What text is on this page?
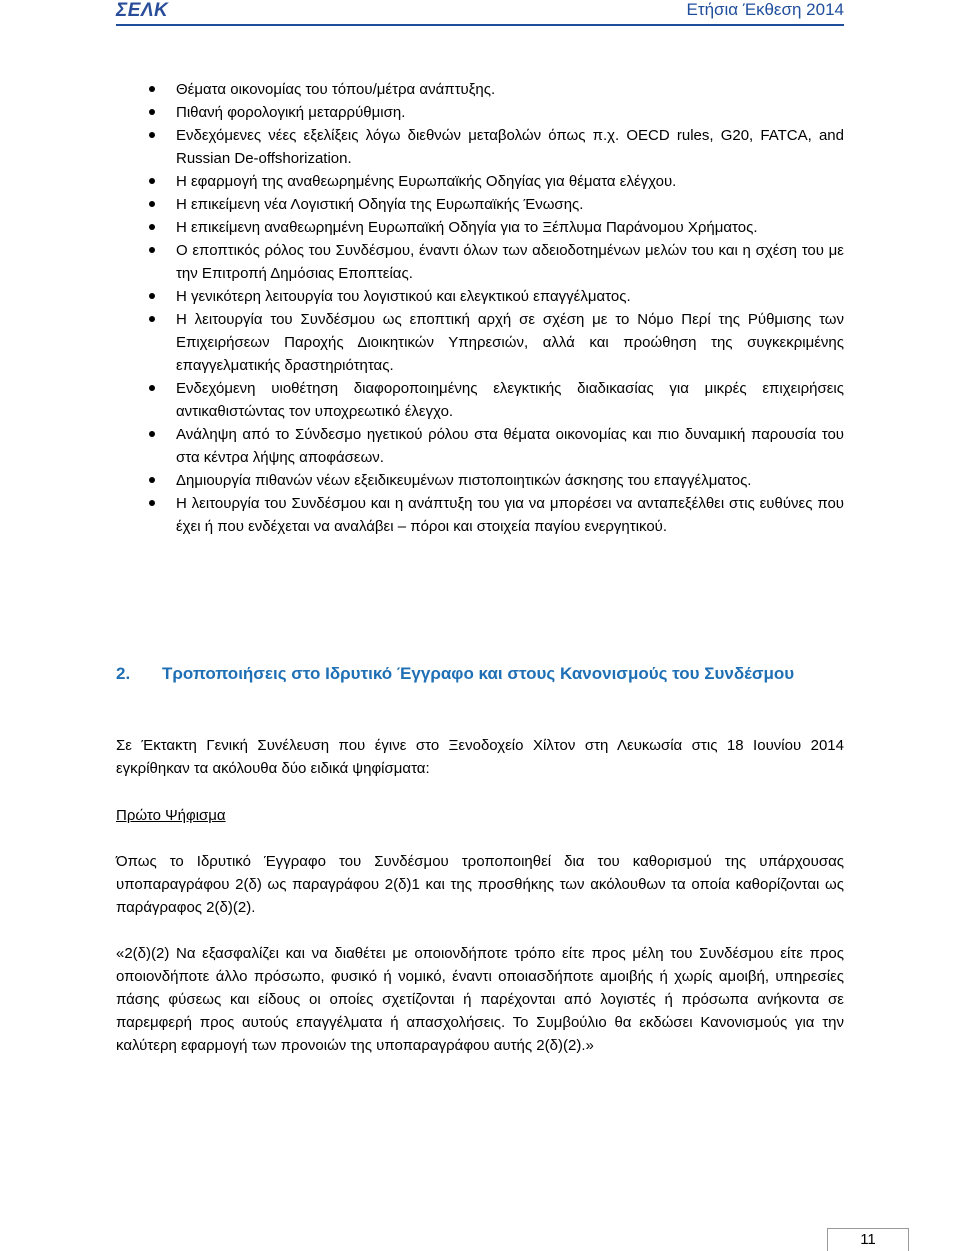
ΣΕΛΚ	Ετήσια Έκθεση 2014
Θέματα οικονομίας του τόπου/μέτρα ανάπτυξης.
Πιθανή φορολογική μεταρρύθμιση.
Ενδεχόμενες νέες εξελίξεις λόγω διεθνών μεταβολών όπως π.χ. OECD rules, G20, FATCA, and Russian De-offshorization.
Η εφαρμογή της αναθεωρημένης Ευρωπαϊκής Οδηγίας για θέματα ελέγχου.
Η επικείμενη νέα Λογιστική Οδηγία της Ευρωπαϊκής Ένωσης.
Η επικείμενη αναθεωρημένη Ευρωπαϊκή Οδηγία για το Ξέπλυμα Παράνομου Χρήματος.
Ο εποπτικός ρόλος του Συνδέσμου, έναντι όλων των αδειοδοτημένων μελών του και η σχέση του με την Επιτροπή Δημόσιας Εποπτείας.
Η γενικότερη λειτουργία του λογιστικού και ελεγκτικού επαγγέλματος.
Η λειτουργία του Συνδέσμου ως εποπτική αρχή σε σχέση με το Νόμο Περί της Ρύθμισης των Επιχειρήσεων Παροχής Διοικητικών Υπηρεσιών, αλλά και προώθηση της συγκεκριμένης επαγγελματικής δραστηριότητας.
Ενδεχόμενη υιοθέτηση διαφοροποιημένης ελεγκτικής διαδικασίας για μικρές επιχειρήσεις αντικαθιστώντας τον υποχρεωτικό έλεγχο.
Ανάληψη από το Σύνδεσμο ηγετικού ρόλου στα θέματα οικονομίας και πιο δυναμική παρουσία του στα κέντρα λήψης αποφάσεων.
Δημιουργία πιθανών νέων εξειδικευμένων πιστοποιητικών άσκησης του επαγγέλματος.
Η λειτουργία του Συνδέσμου και η ανάπτυξη του για να μπορέσει να ανταπεξέλθει στις ευθύνες που έχει ή που ενδέχεται να αναλάβει – πόροι και στοιχεία παγίου ενεργητικού.
2. Τροποποιήσεις στο Ιδρυτικό Έγγραφο και στους Κανονισμούς του Συνδέσμου

Σε Έκτακτη Γενική Συνέλευση που έγινε στο Ξενοδοχείο Χίλτον στη Λευκωσία στις 18 Ιουνίου 2014 εγκρίθηκαν τα ακόλουθα δύο ειδικά ψηφίσματα:

Πρώτο Ψήφισμα

Όπως το Ιδρυτικό Έγγραφο του Συνδέσμου τροποποιηθεί δια του καθορισμού της υπάρχουσας υποπαραγράφου 2(δ) ως παραγράφου 2(δ)1 και της προσθήκης των ακόλουθων τα οποία καθορίζονται ως παράγραφος 2(δ)(2).

«2(δ)(2) Να εξασφαλίζει και να διαθέτει με οποιονδήποτε τρόπο είτε προς μέλη του Συνδέσμου είτε προς οποιονδήποτε άλλο πρόσωπο, φυσικό ή νομικό, έναντι οποιασδήποτε αμοιβής ή χωρίς αμοιβή, υπηρεσίες πάσης φύσεως και είδους οι οποίες σχετίζονται ή παρέχονται από λογιστές ή πρόσωπα ανήκοντα σε παρεμφερή προς αυτούς επαγγέλματα ή απασχολήσεις. Το Συμβούλιο θα εκδώσει Κανονισμούς για την καλύτερη εφαρμογή των προνοιών της υποπαραγράφου αυτής 2(δ)(2).»

11
